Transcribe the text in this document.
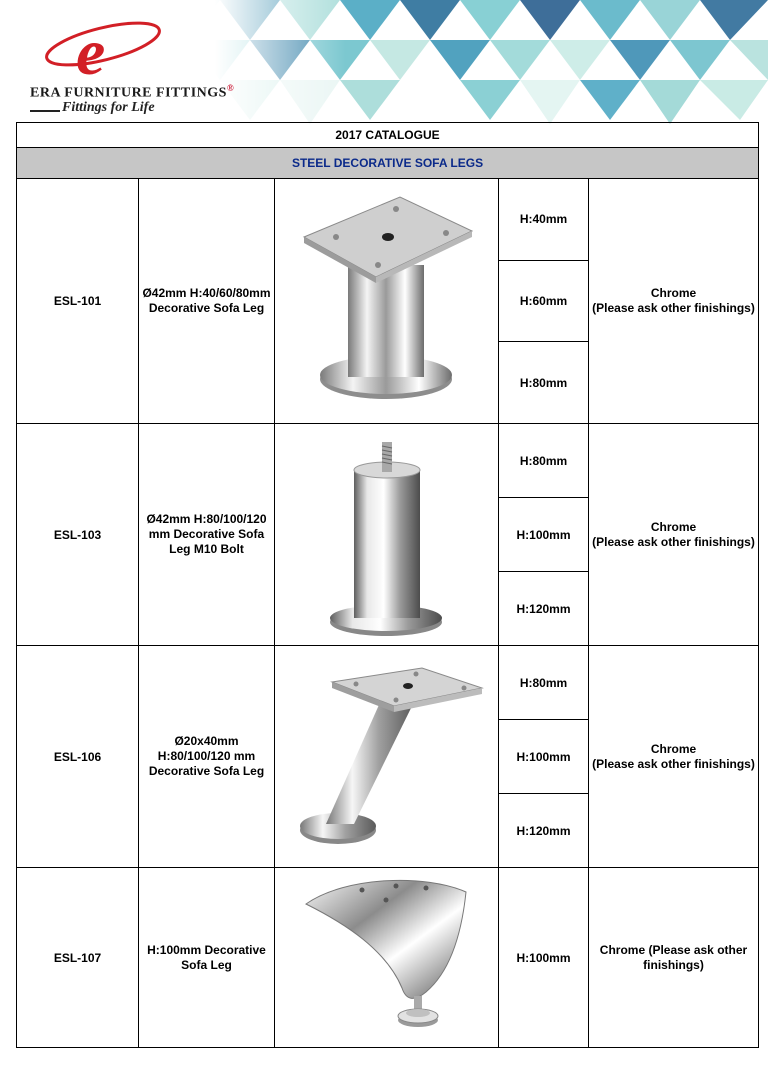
e
ERA FURNITURE FITTINGS®
Fittings for Life
2017 CATALOGUE				
STEEL DECORATIVE SOFA LEGS				
ESL-101	Ø42mm H:40/60/80mm Decorative Sofa Leg		H:40mm	Chrome
(Please ask other finishings)

			H:60mm	
			H:80mm	
ESL-103	Ø42mm H:80/100/120 mm Decorative Sofa Leg M10 Bolt		H:80mm	Chrome
(Please ask other finishings)

			H:100mm	
			H:120mm	
ESL-106	Ø20x40mm H:80/100/120 mm Decorative Sofa Leg		H:80mm	Chrome
(Please ask other finishings)

			H:100mm	
			H:120mm	
ESL-107	H:100mm Decorative Sofa Leg		H:100mm	Chrome (Please ask other
finishings)
